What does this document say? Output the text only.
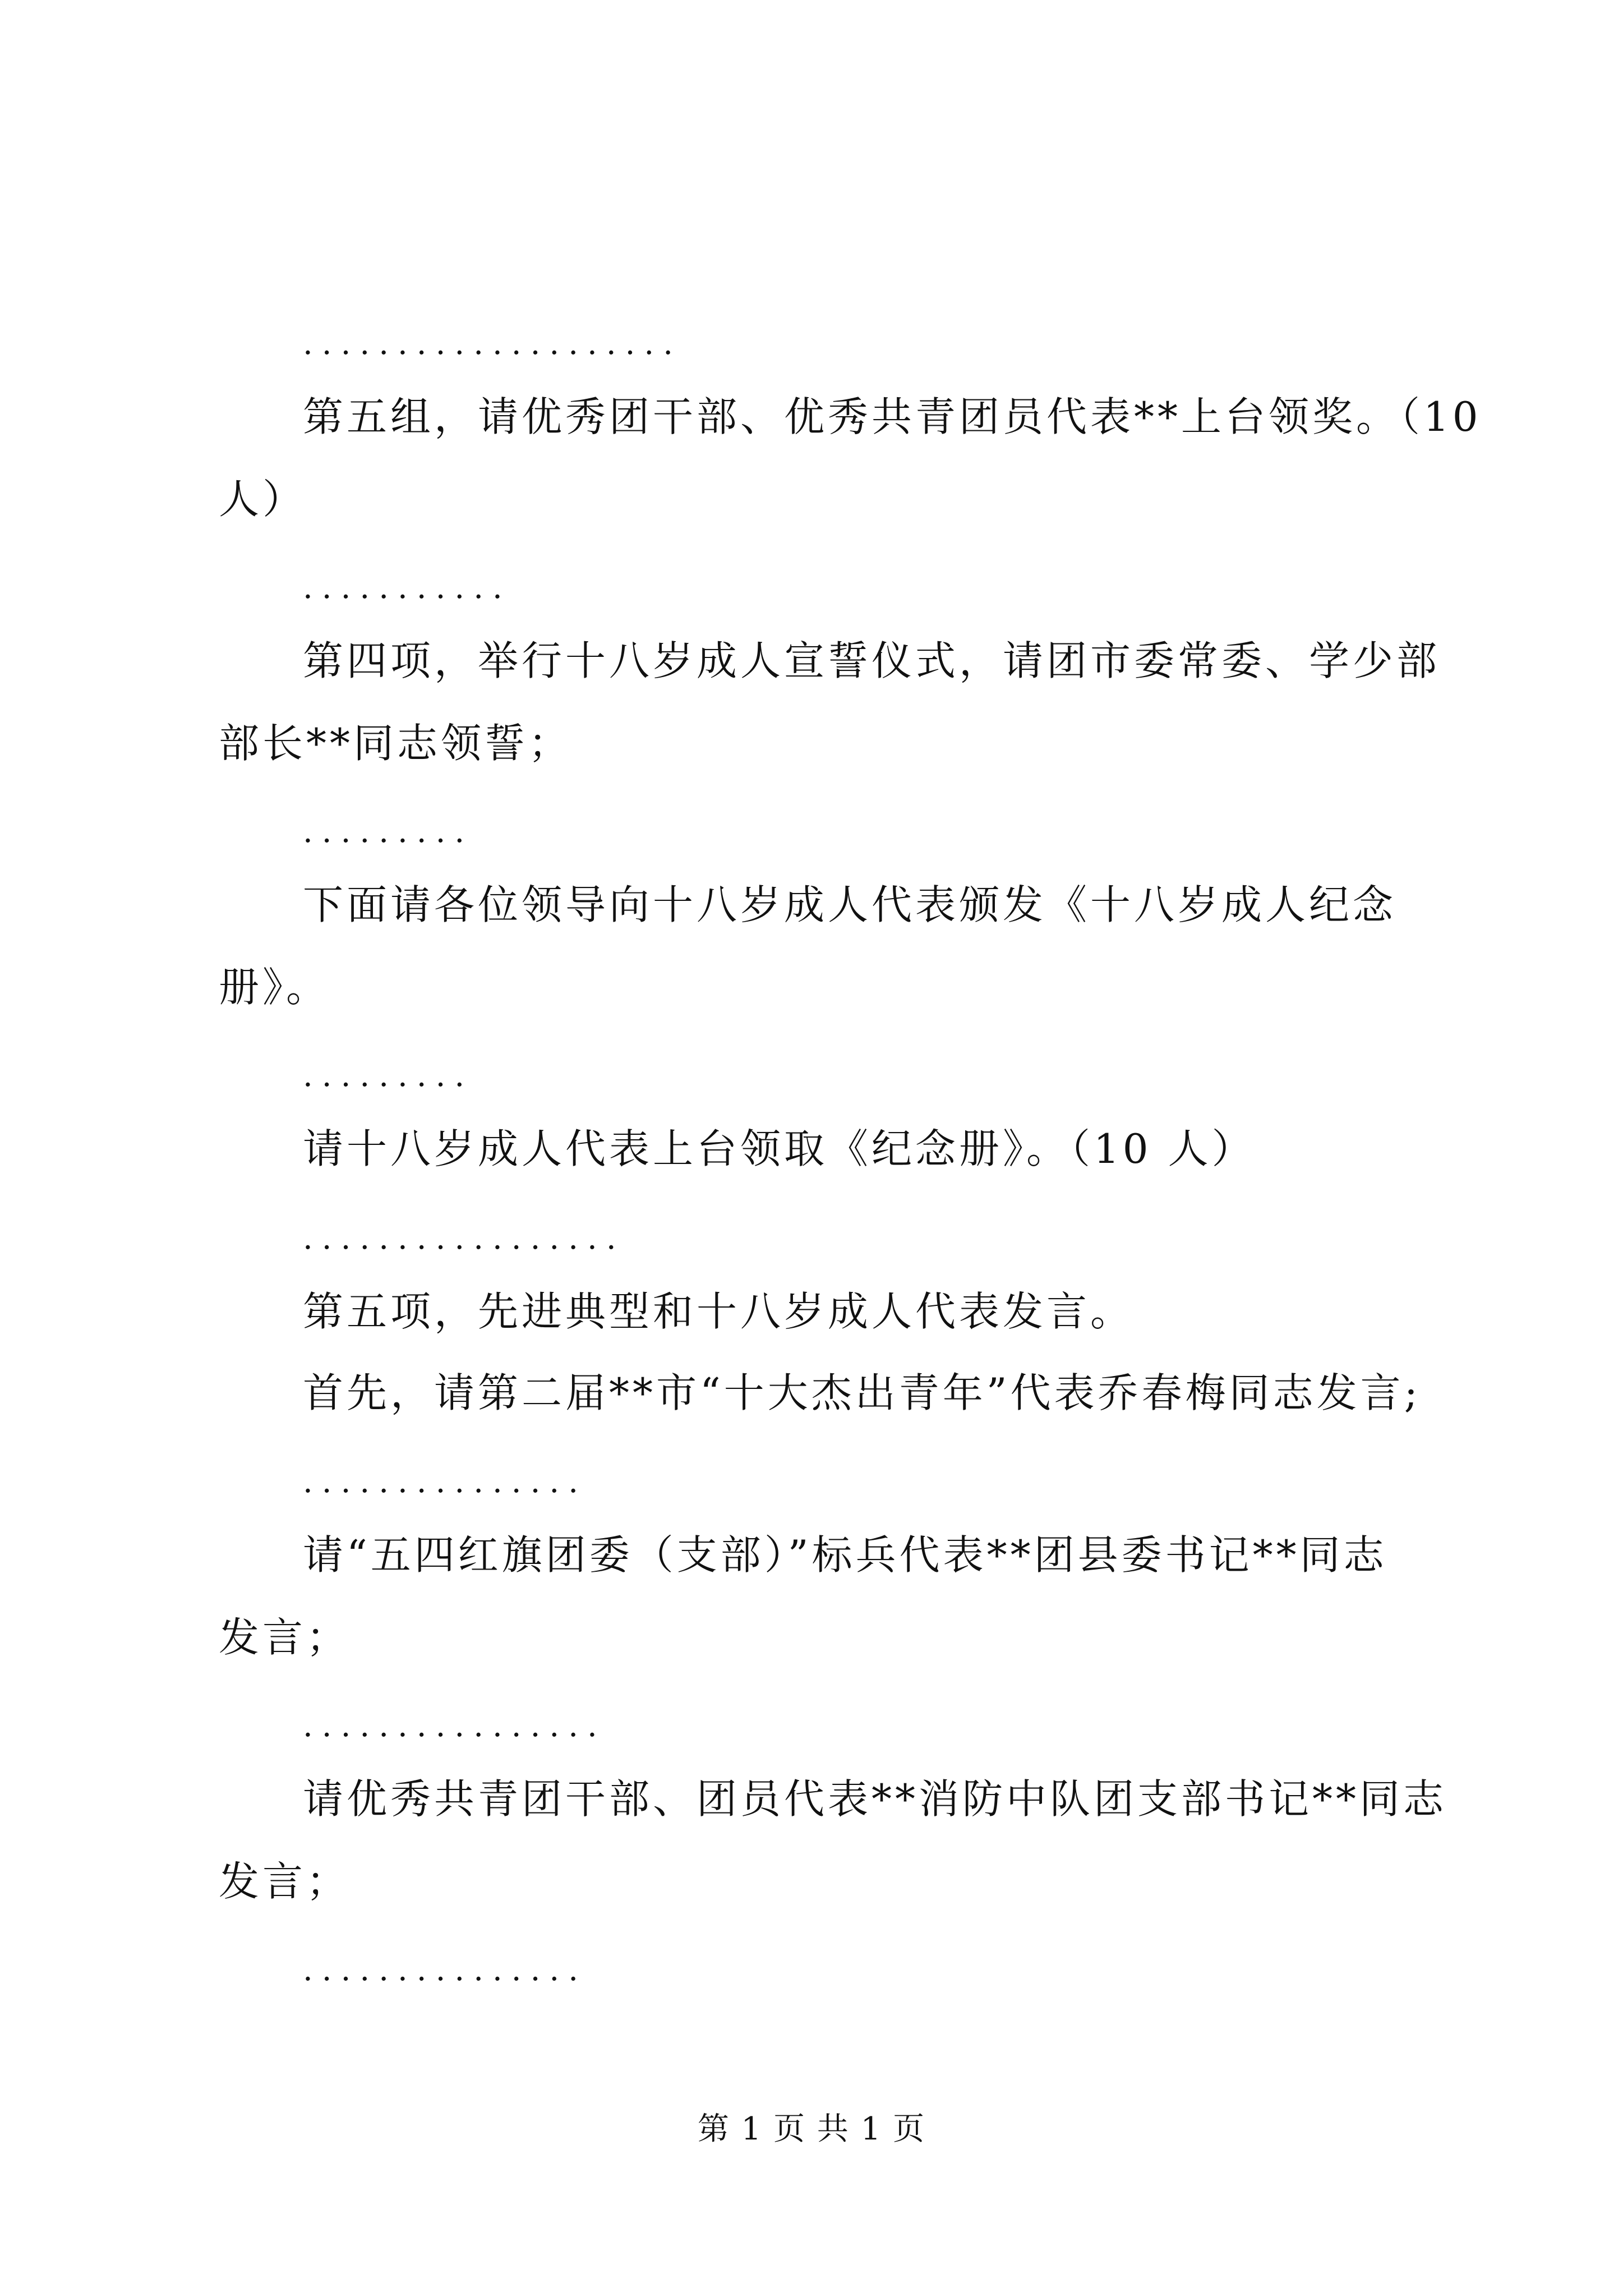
....................
第五组，请优秀团干部、优秀共青团员代表**上台领奖。（10
人）
...........
第四项，举行十八岁成人宣誓仪式，请团市委常委、学少部
部长**同志领誓；
.........
下面请各位领导向十八岁成人代表颁发《十八岁成人纪念
册》。
.........
请十八岁成人代表上台领取《纪念册》。（10 人）
.................
第五项，先进典型和十八岁成人代表发言。
首先，请第二届**市“十大杰出青年”代表乔春梅同志发言;
...............
请“五四红旗团委（支部）”标兵代表**团县委书记**同志
发言；
................
请优秀共青团干部、团员代表**消防中队团支部书记**同志
发言；
...............
第 1 页 共 1 页
